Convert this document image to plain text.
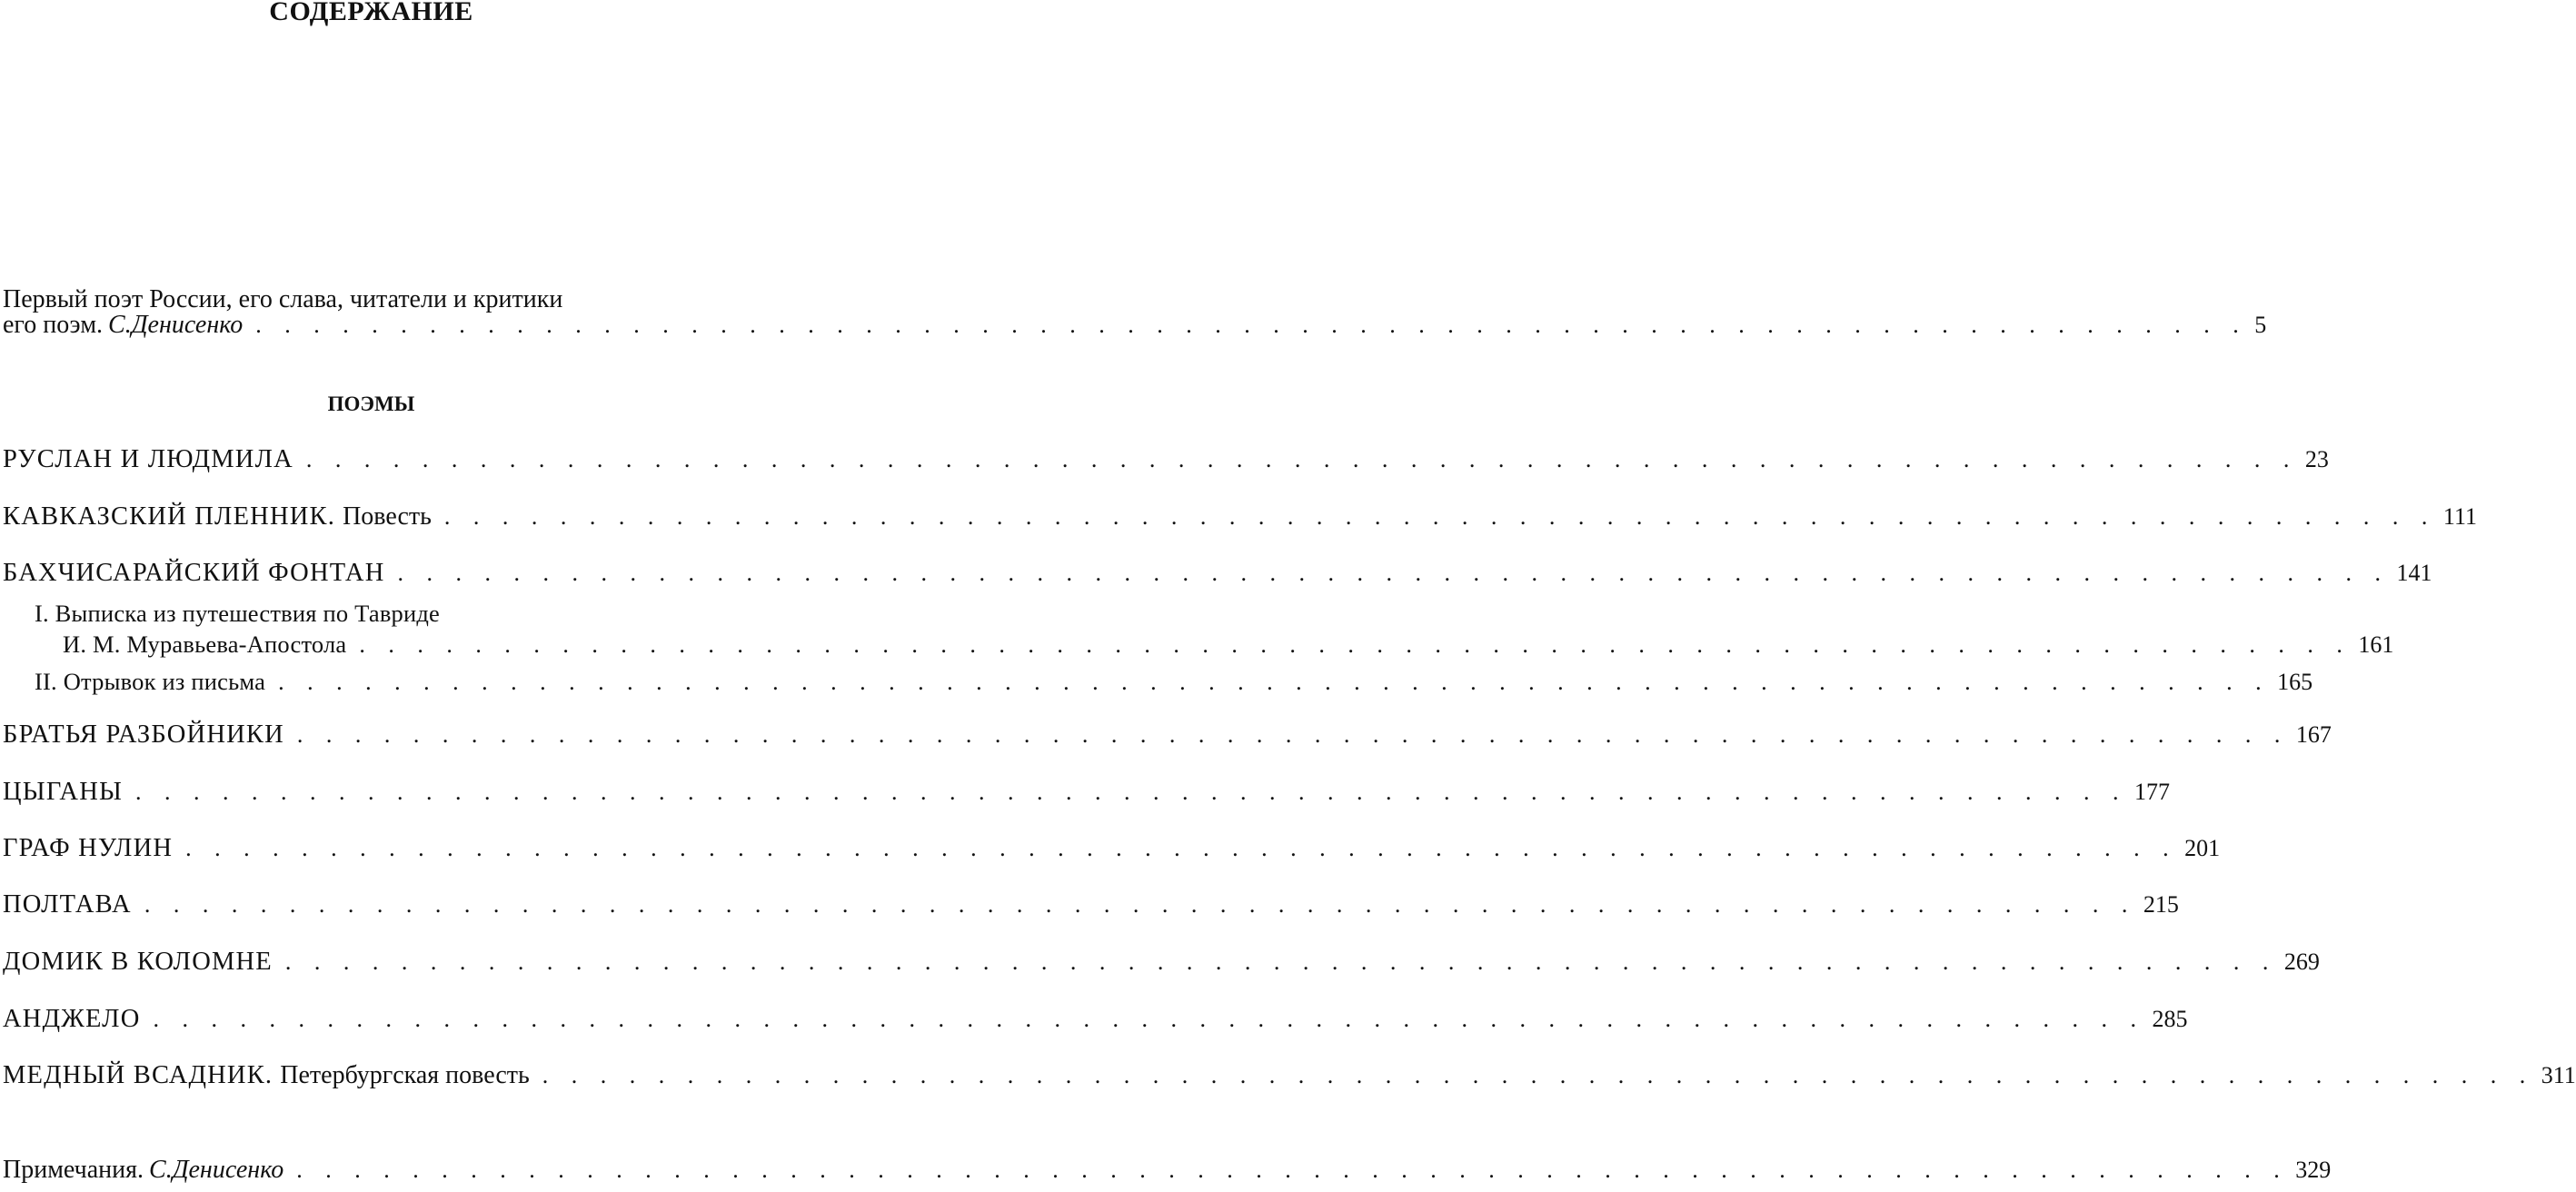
СОДЕРЖАНИЕ
Первый поэт России, его слава, читатели и критики
его поэм. С.Денисенко . . . . . . . . . . . . . . . . . . . . . . . . . . . . . . . . . . . . . . . . . . . . . . . . . . . . . . . . . . . . . . . . . . . . . 5
ПОЭМЫ
РУСЛАН И ЛЮДМИЛА . . . . . . . . . . . . . . . . . . . . . . . . . . . . . . . . . . . . . . . . . . . . . . . . . . . . . . . . . . . . . . . . . . . . . 23
КАВКАЗСКИЙ ПЛЕННИК. Повесть . . . . . . . . . . . . . . . . . . . . . . . . . . . . . . . . . . . . . . . . . . . . . . . . . . . . . . . . . . . . . . . . . . . . . 111
БАХЧИСАРАЙСКИЙ ФОНТАН . . . . . . . . . . . . . . . . . . . . . . . . . . . . . . . . . . . . . . . . . . . . . . . . . . . . . . . . . . . . . . . . . . . . . 141
I. Выписка из путешествия по Тавриде
И. М. Муравьева-Апостола . . . . . . . . . . . . . . . . . . . . . . . . . . . . . . . . . . . . . . . . . . . . . . . . . . . . . . . . . . . . . . . . . . . . . 161
II. Отрывок из письма . . . . . . . . . . . . . . . . . . . . . . . . . . . . . . . . . . . . . . . . . . . . . . . . . . . . . . . . . . . . . . . . . . . . . 165
БРАТЬЯ РАЗБОЙНИКИ . . . . . . . . . . . . . . . . . . . . . . . . . . . . . . . . . . . . . . . . . . . . . . . . . . . . . . . . . . . . . . . . . . . . . 167
ЦЫГАНЫ . . . . . . . . . . . . . . . . . . . . . . . . . . . . . . . . . . . . . . . . . . . . . . . . . . . . . . . . . . . . . . . . . . . . . 177
ГРАФ НУЛИН . . . . . . . . . . . . . . . . . . . . . . . . . . . . . . . . . . . . . . . . . . . . . . . . . . . . . . . . . . . . . . . . . . . . . 201
ПОЛТАВА . . . . . . . . . . . . . . . . . . . . . . . . . . . . . . . . . . . . . . . . . . . . . . . . . . . . . . . . . . . . . . . . . . . . . 215
ДОМИК В КОЛОМНЕ . . . . . . . . . . . . . . . . . . . . . . . . . . . . . . . . . . . . . . . . . . . . . . . . . . . . . . . . . . . . . . . . . . . . . 269
АНДЖЕЛО . . . . . . . . . . . . . . . . . . . . . . . . . . . . . . . . . . . . . . . . . . . . . . . . . . . . . . . . . . . . . . . . . . . . . 285
МЕДНЫЙ ВСАДНИК. Петербургская повесть . . . . . . . . . . . . . . . . . . . . . . . . . . . . . . . . . . . . . . . . . . . . . . . . . . . . . . . . . . . . . . . . . . . . . 311
Примечания. С.Денисенко . . . . . . . . . . . . . . . . . . . . . . . . . . . . . . . . . . . . . . . . . . . . . . . . . . . . . . . . . . . . . . . . . . . . . 329
